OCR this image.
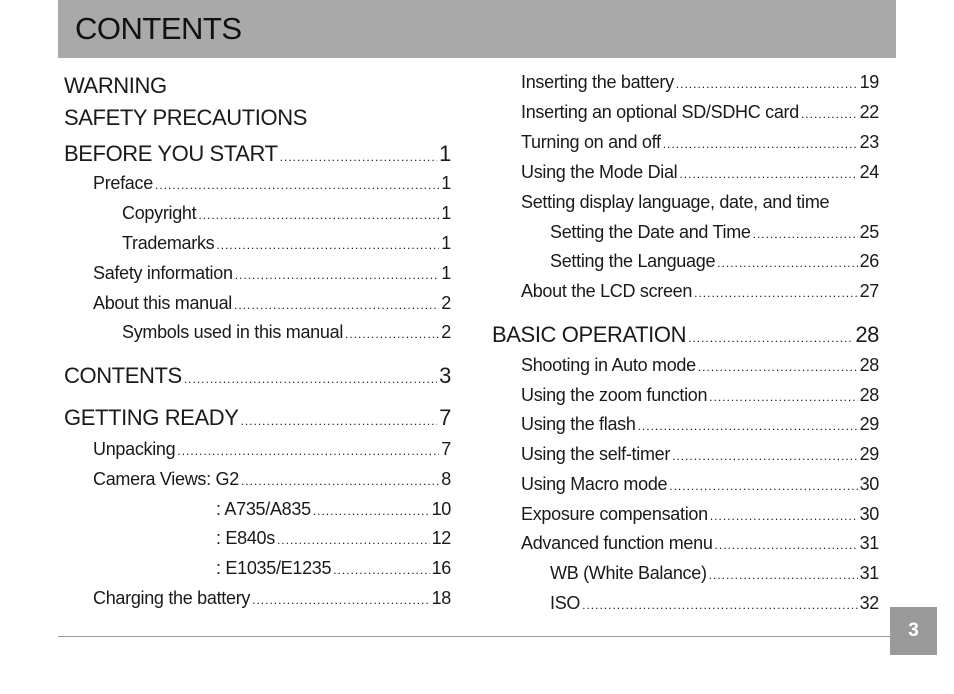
CONTENTS
WARNING
SAFETY PRECAUTIONS
BEFORE YOU START .....	1
Preface .....	1
Copyright .....	1
Trademarks .....	1
Safety information .....	1
About this manual .....	2
Symbols used in this manual .....	2
CONTENTS .....	3
GETTING READY .....	7
Unpacking .....	7
Camera Views: G2 .....	8
: A735/A835 .....	10
: E840s .....	12
: E1035/E1235 .....	16
Charging the battery .....	18
Inserting the battery .....	19
Inserting an optional SD/SDHC card .....	22
Turning on and off .....	23
Using the Mode Dial .....	24
Setting display language, date, and time
Setting the Date and Time .....	25
Setting the Language .....	26
About the LCD screen .....	27
BASIC OPERATION .....	28
Shooting in Auto mode .....	28
Using the zoom function .....	28
Using the flash .....	29
Using the self-timer .....	29
Using Macro mode .....	30
Exposure compensation .....	30
Advanced function menu .....	31
WB (White Balance) .....	31
ISO .....	32
3
